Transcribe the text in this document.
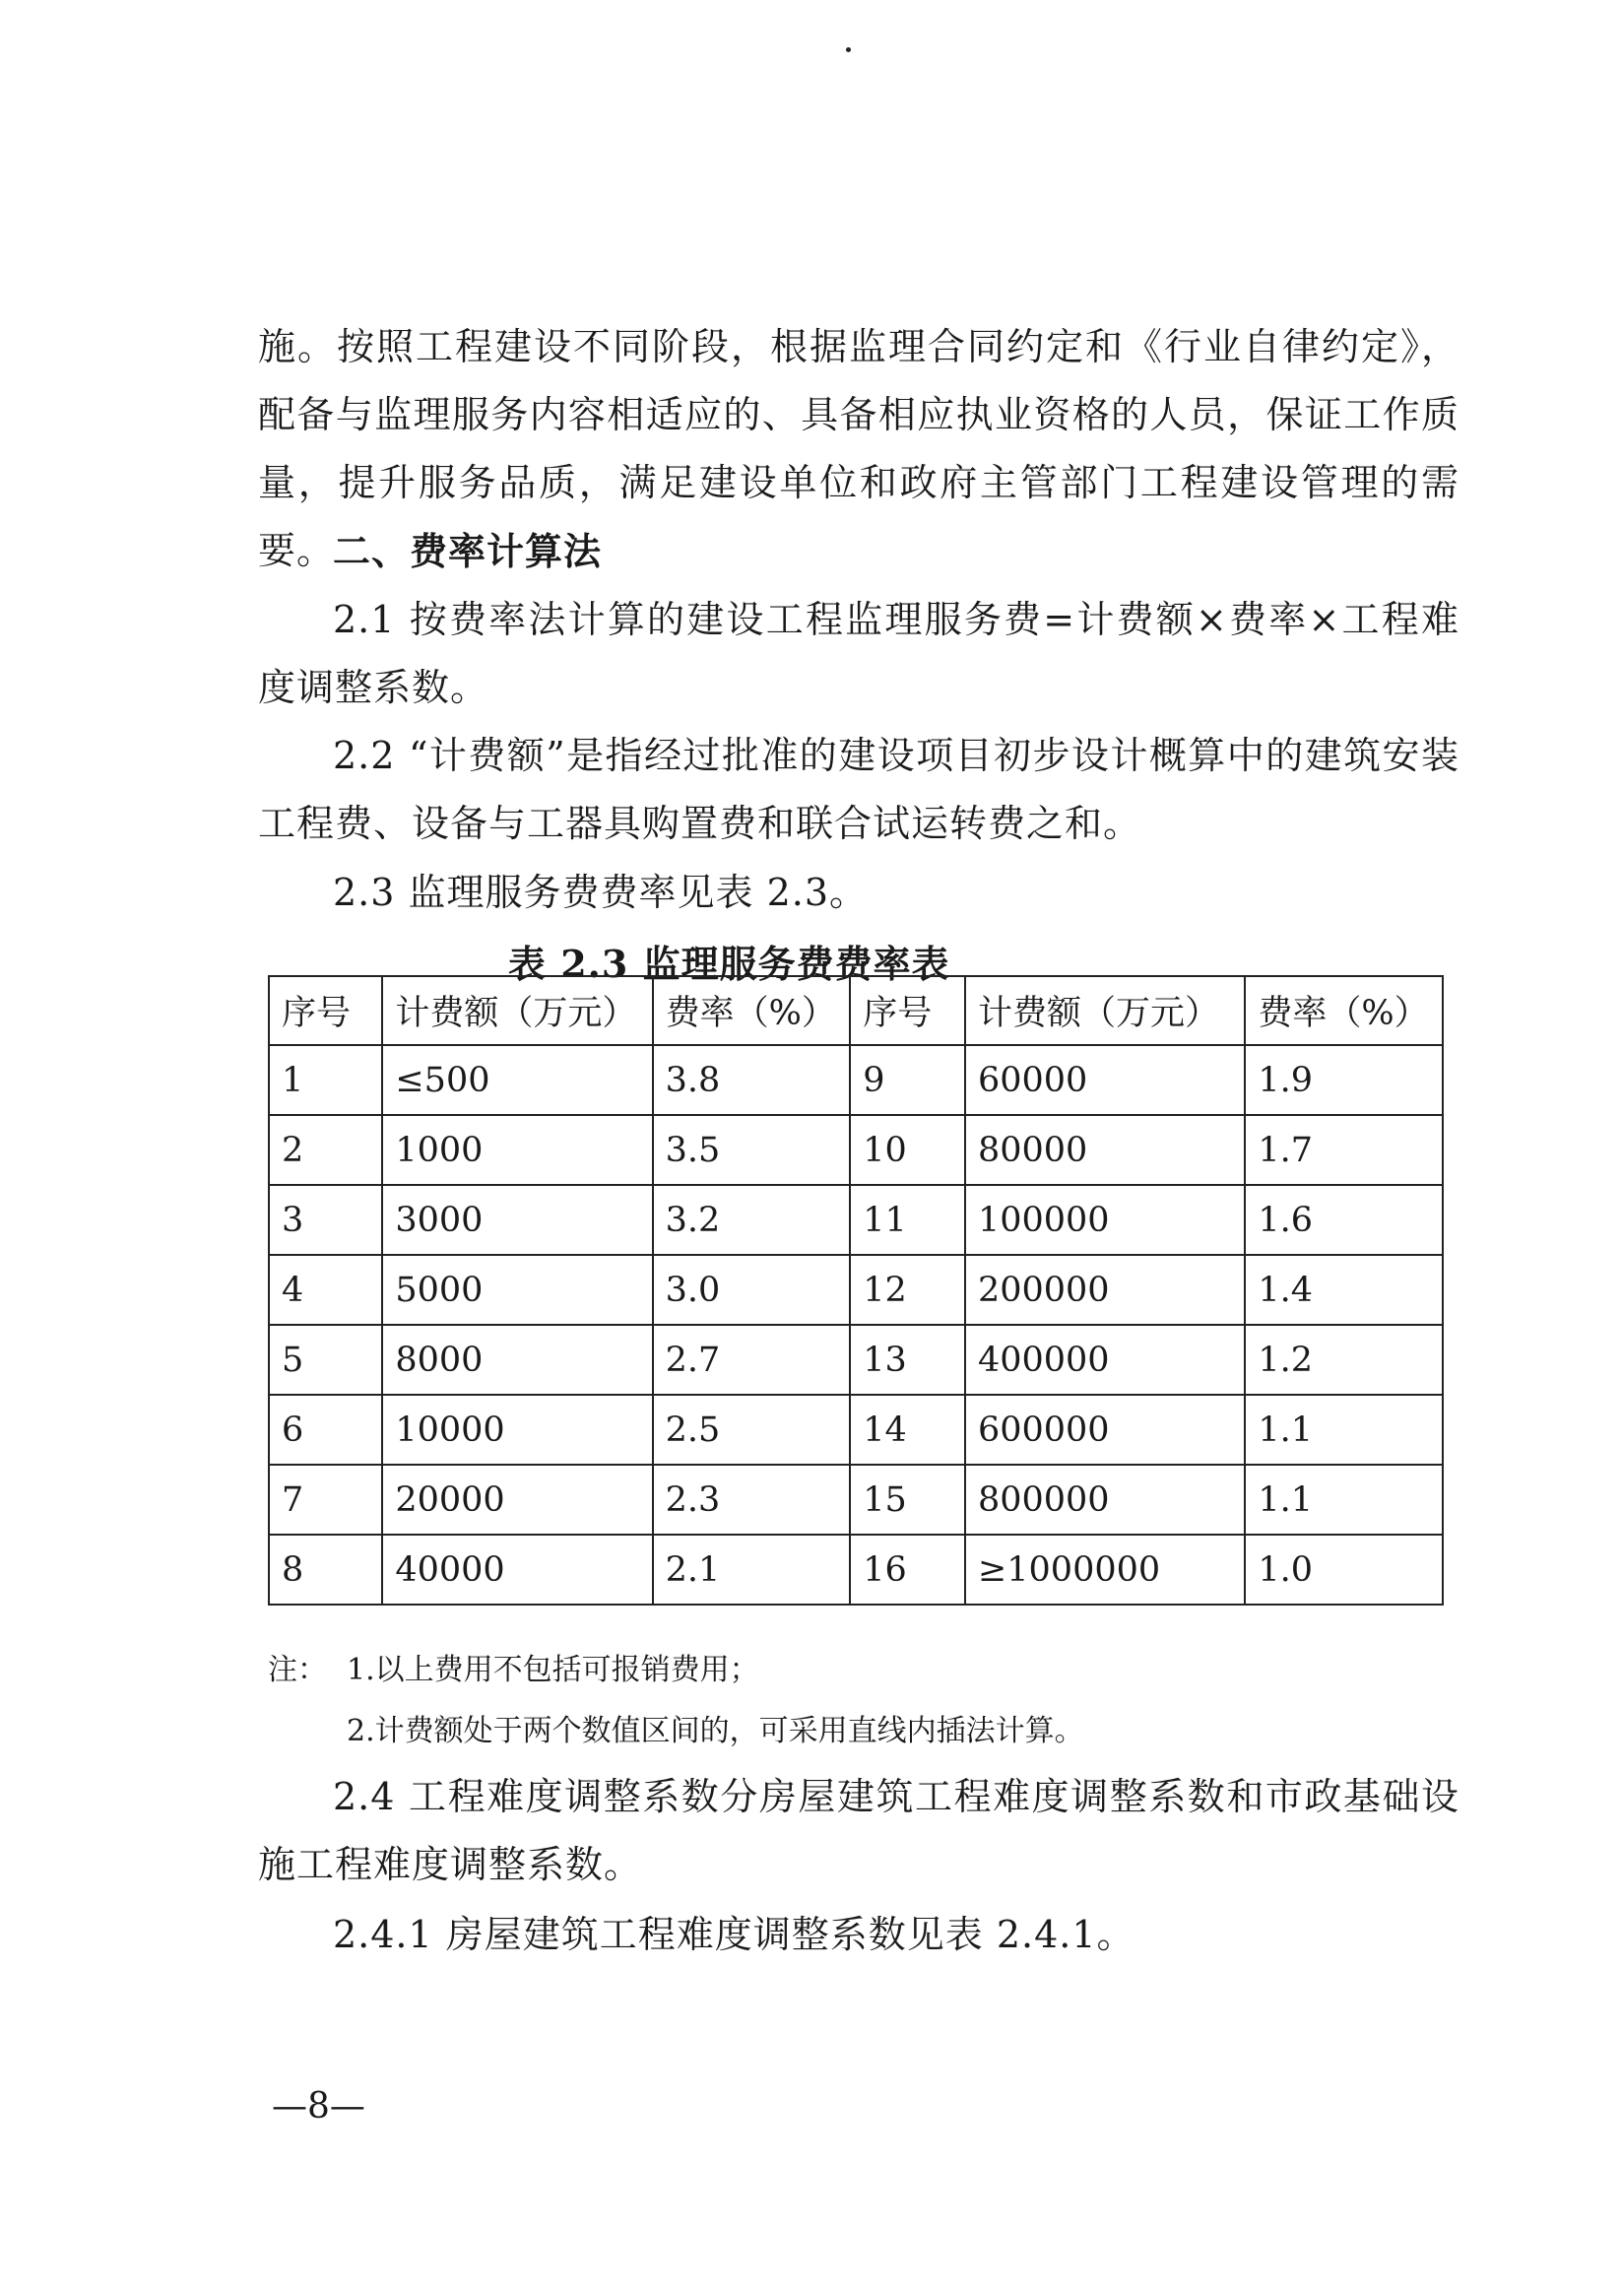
施。按照工程建设不同阶段，根据监理合同约定和《行业自律约定》，配备与监理服务内容相适应的、具备相应执业资格的人员，保证工作质量，提升服务品质，满足建设单位和政府主管部门工程建设管理的需要。

二、费率计算法

2.1 按费率法计算的建设工程监理服务费=计费额×费率×工程难度调整系数。

2.2 “计费额”是指经过批准的建设项目初步设计概算中的建筑安装工程费、设备与工器具购置费和联合试运转费之和。

2.3 监理服务费费率见表 2.3。

表 2.3 监理服务费费率表

序号	计费额（万元）	费率（%）	序号	计费额（万元）	费率（%）
1	≤500	3.8	9	60000	1.9
2	1000	3.5	10	80000	1.7
3	3000	3.2	11	100000	1.6
4	5000	3.0	12	200000	1.4
5	8000	2.7	13	400000	1.2
6	10000	2.5	14	600000	1.1
7	20000	2.3	15	800000	1.1
8	40000	2.1	16	≥1000000	1.0

注： 1.以上费用不包括可报销费用；

2.计费额处于两个数值区间的，可采用直线内插法计算。

2.4 工程难度调整系数分房屋建筑工程难度调整系数和市政基础设施工程难度调整系数。

2.4.1 房屋建筑工程难度调整系数见表 2.4.1。

—8—
